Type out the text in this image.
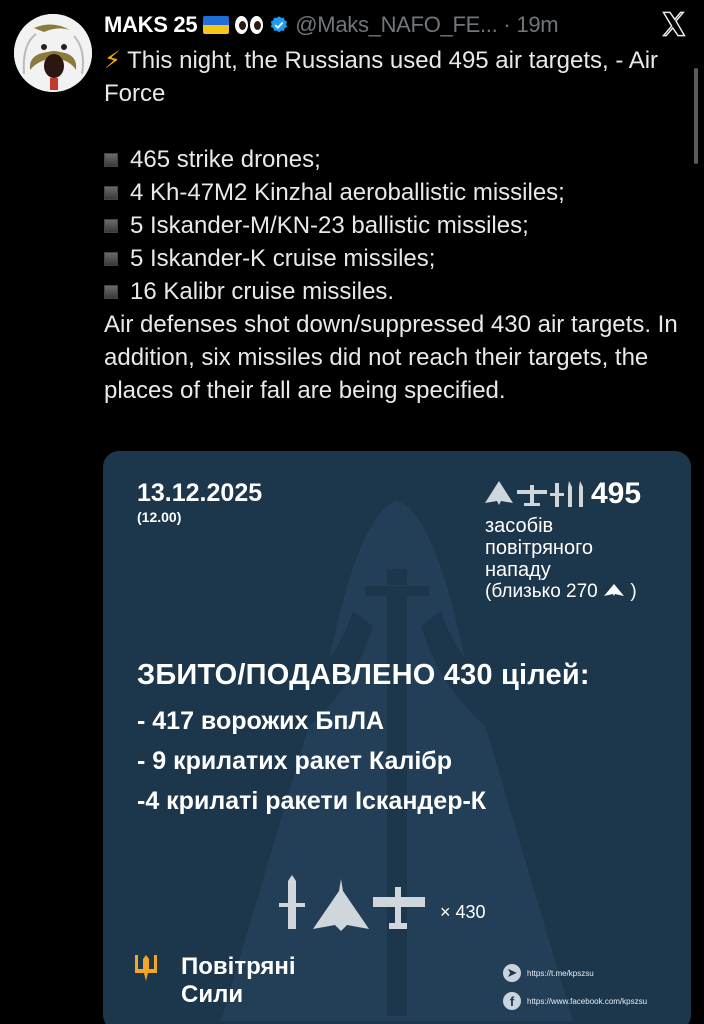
MAKS 25	@Maks_NAFO_FE... · 19m

⚡ This night, the Russians used 495 air targets, - Air Force

465 strike drones;
4 Kh-47M2 Kinzhal aeroballistic missiles;
5 Iskander-M/KN-23 ballistic missiles;
5 Iskander-K cruise missiles;
16 Kalibr cruise missiles.

Air defenses shot down/suppressed 430 air targets. In addition, six missiles did not reach their targets, the places of their fall are being specified.

13.12.2025
(12.00)
495
засобів
повітряного
нападу
(близько 270 )
ЗБИТО/ПОДАВЛЕНО 430 цілей:
- 417 ворожих БпЛА
- 9 крилатих ракет Калібр
-4 крилаті ракети Іскандер-К
× 430
Повітряні
Сили
➤	https://t.me/kpszsu
f	https://www.facebook.com/kpszsu
